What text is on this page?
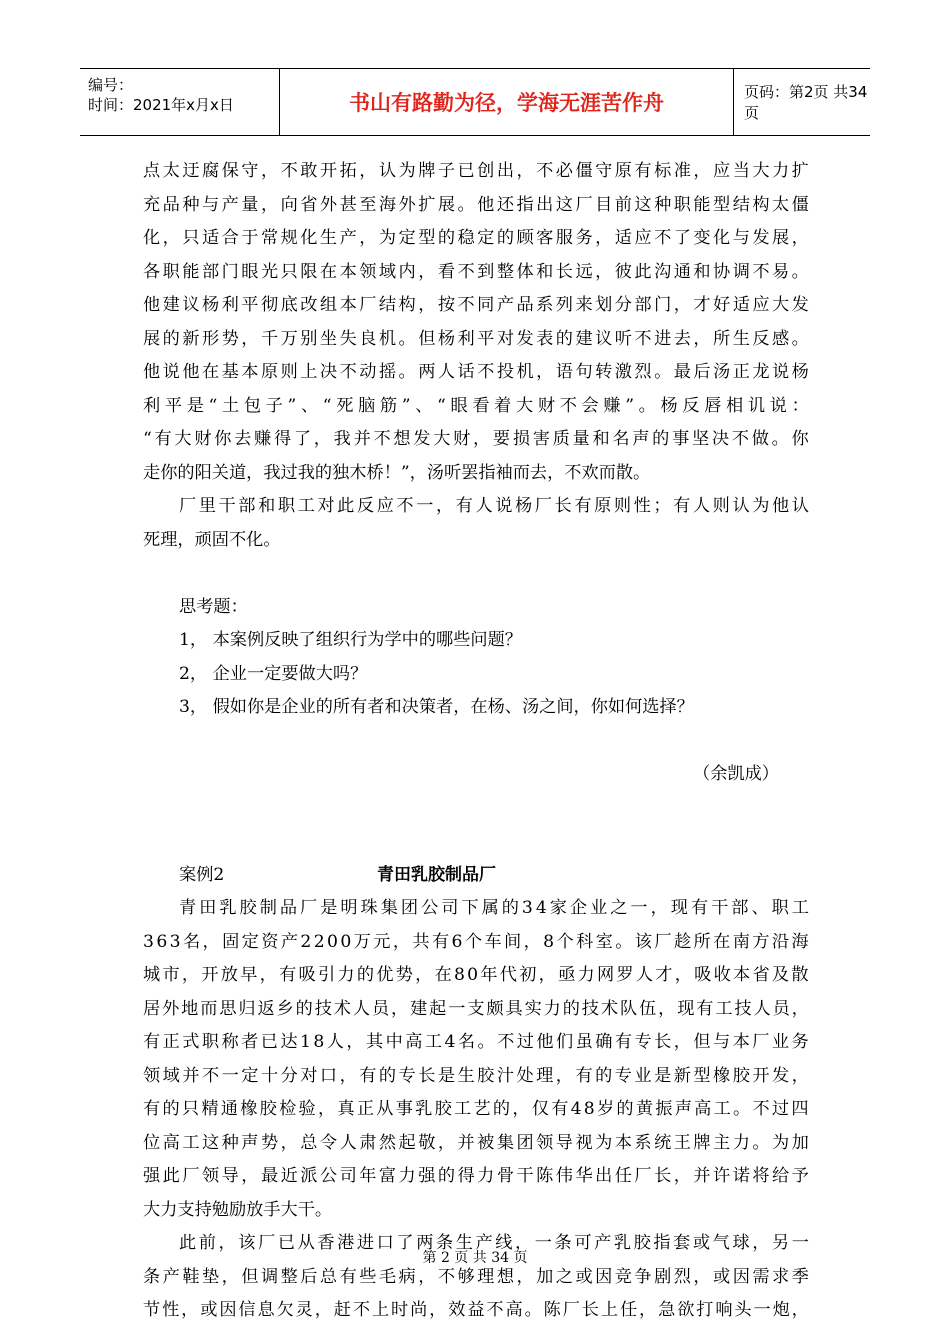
编号：
时间：2021年x月x日	书山有路勤为径，学海无涯苦作舟	页码：第2页 共34页
点 太 迂 腐 保 守 ， 不 敢 开 拓 ， 认 为 牌 子 已 创 出 ， 不 必 僵 守 原 有 标 准 ， 应 当 大 力 扩
充 品 种 与 产 量 ， 向 省 外 甚 至 海 外 扩 展 。 他 还 指 出 这 厂 目 前 这 种 职 能 型 结 构 太 僵
化 ， 只 适 合 于 常 规 化 生 产 ， 为 定 型 的 稳 定 的 顾 客 服 务 ， 适 应 不 了 变 化 与 发 展 ，
各 职 能 部 门 眼 光 只 限 在 本 领 域 内 ， 看 不 到 整 体 和 长 远 ， 彼 此 沟 通 和 协 调 不 易 。
他 建 议 杨 利 平 彻 底 改 组 本 厂 结 构 ， 按 不 同 产 品 系 列 来 划 分 部 门 ， 才 好 适 应 大 发
展 的 新 形 势 ， 千 万 别 坐 失 良 机 。 但 杨 利 平 对 发 表 的 建 议 听 不 进 去 ， 所 生 反 感 。
他 说 他 在 基 本 原 则 上 决 不 动 摇 。 两 人 话 不 投 机 ， 语 句 转 激 烈 。 最 后 汤 正 龙 说 杨
利 平 是 “ 土 包 子 ” 、 “ 死 脑 筋 ” 、 “ 眼 看 着 大 财 不 会 赚 ” 。 杨 反 唇 相 讥 说 ：
“ 有 大 财 你 去 赚 得 了 ， 我 并 不 想 发 大 财 ， 要 损 害 质 量 和 名 声 的 事 坚 决 不 做 。 你
走你的阳关道，我过我的独木桥！”，汤听罢指袖而去，不欢而散。
厂 里 干 部 和 职 工 对 此 反 应 不 一 ， 有 人 说 杨 厂 长 有 原 则 性 ； 有 人 则 认 为 他 认
死理，顽固不化。
思考题：
1， 本案例反映了组织行为学中的哪些问题？
2， 企业一定要做大吗？
3， 假如你是企业的所有者和决策者，在杨、汤之间，你如何选择？
（余凯成）
案例2	青田乳胶制品厂
青 田 乳 胶 制 品 厂 是 明 珠 集 团 公 司 下 属 的 3 4 家 企 业 之 一 ， 现 有 干 部 、 职 工
3 6 3 名 ， 固 定 资 产 2 2 0 0 万 元 ， 共 有 6 个 车 间 ， 8 个 科 室 。 该 厂 趁 所 在 南 方 沿 海
城 市 ， 开 放 早 ， 有 吸 引 力 的 优 势 ， 在 8 0 年 代 初 ， 亟 力 网 罗 人 才 ， 吸 收 本 省 及 散
居 外 地 而 思 归 返 乡 的 技 术 人 员 ， 建 起 一 支 颇 具 实 力 的 技 术 队 伍 ， 现 有 工 技 人 员 ，
有 正 式 职 称 者 已 达 1 8 人 ， 其 中 高 工 4 名 。 不 过 他 们 虽 确 有 专 长 ， 但 与 本 厂 业 务
领 域 并 不 一 定 十 分 对 口 ， 有 的 专 长 是 生 胶 汁 处 理 ， 有 的 专 业 是 新 型 橡 胶 开 发 ，
有 的 只 精 通 橡 胶 检 验 ， 真 正 从 事 乳 胶 工 艺 的 ， 仅 有 4 8 岁 的 黄 振 声 高 工 。 不 过 四
位 高 工 这 种 声 势 ， 总 令 人 肃 然 起 敬 ， 并 被 集 团 领 导 视 为 本 系 统 王 牌 主 力 。 为 加
强 此 厂 领 导 ， 最 近 派 公 司 年 富 力 强 的 得 力 骨 干 陈 伟 华 出 任 厂 长 ， 并 许 诺 将 给 予
大力支持勉励放手大干。
此 前 ， 该 厂 已 从 香 港 进 口 了 两 条 生 产 线 ， 一 条 可 产 乳 胶 指 套 或 气 球 ， 另 一
条 产 鞋 垫 ， 但 调 整 后 总 有 些 毛 病 ， 不 够 理 想 ， 加 之 或 因 竞 争 剧 烈 ， 或 因 需 求 季
节 性 ， 或 因 信 息 欠 灵 ， 赶 不 上 时 尚 ， 效 益 不 高 。 陈 厂 长 上 任 ， 急 欲 打 响 头 一 炮 ，
第 2 页 共 34 页
